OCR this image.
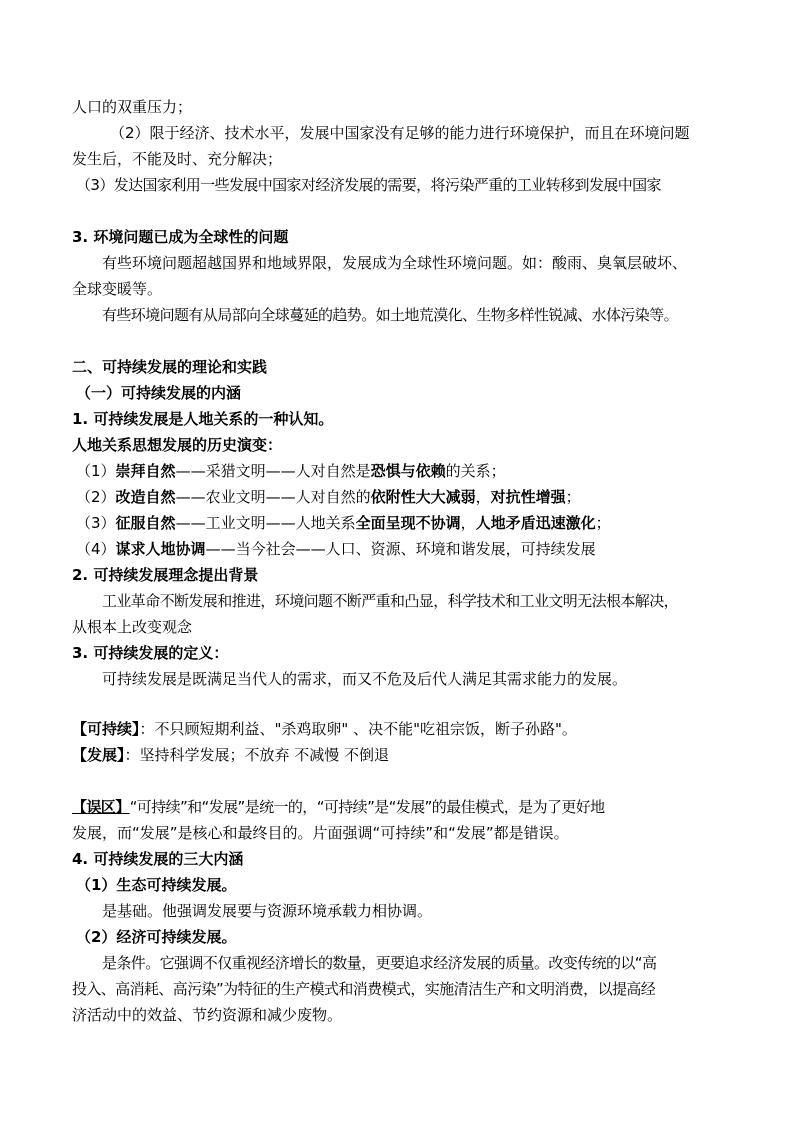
人口的双重压力；
（2）限于经济、技术水平，发展中国家没有足够的能力进行环境保护，而且在环境问题
发生后，不能及时、充分解决；
（3）发达国家利用一些发展中国家对经济发展的需要，将污染严重的工业转移到发展中国家
3. 环境问题已成为全球性的问题
有些环境问题超越国界和地域界限，发展成为全球性环境问题。如：酸雨、臭氧层破坏、
全球变暖等。
有些环境问题有从局部向全球蔓延的趋势。如土地荒漠化、生物多样性锐减、水体污染等。
二、可持续发展的理论和实践
（一）可持续发展的内涵
1. 可持续发展是人地关系的一种认知。
人地关系思想发展的历史演变：
（1）崇拜自然——采猎文明——人对自然是恐惧与依赖的关系；
（2）改造自然——农业文明——人对自然的依附性大大减弱，对抗性增强；
（3）征服自然——工业文明——人地关系全面呈现不协调，人地矛盾迅速激化；
（4）谋求人地协调——当今社会——人口、资源、环境和谐发展，可持续发展
2. 可持续发展理念提出背景
工业革命不断发展和推进，环境问题不断严重和凸显，科学技术和工业文明无法根本解决，
从根本上改变观念
3. 可持续发展的定义：
可持续发展是既满足当代人的需求，而又不危及后代人满足其需求能力的发展。
【可持续】：不只顾短期利益、"杀鸡取卵" 、决不能"吃祖宗饭，断子孙路"。
【发展】：坚持科学发展；不放弃 不减慢 不倒退
【误区】“可持续”和“发展”是统一的，“可持续”是“发展”的最佳模式，是为了更好地
发展，而“发展”是核心和最终目的。片面强调“可持续”和“发展”都是错误。
4. 可持续发展的三大内涵
（1）生态可持续发展。
是基础。他强调发展要与资源环境承载力相协调。
（2）经济可持续发展。
是条件。它强调不仅重视经济增长的数量，更要追求经济发展的质量。改变传统的以“高
投入、高消耗、高污染”为特征的生产模式和消费模式，实施清洁生产和文明消费，以提高经
济活动中的效益、节约资源和减少废物。
